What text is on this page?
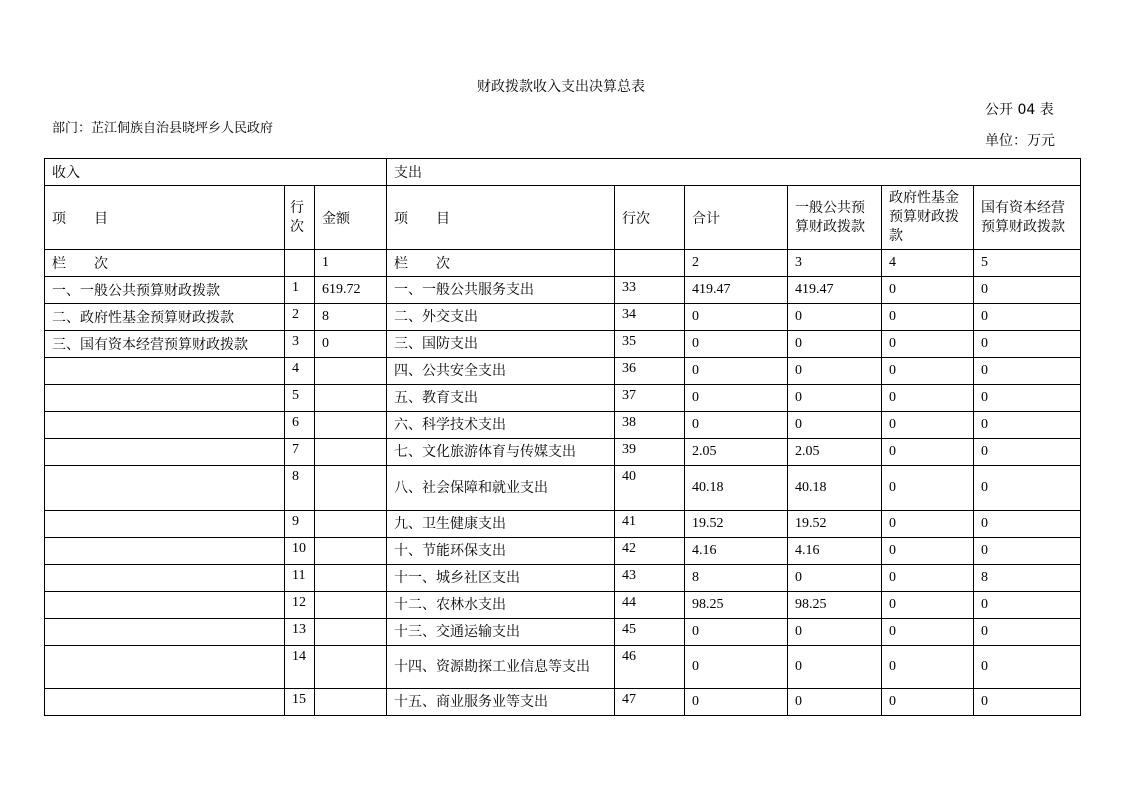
财政拨款收入支出决算总表
公开 04 表
部门：芷江侗族自治县晓坪乡人民政府
单位：万元
收入			支出					
项　　目	行次	金额	项　　目	行次	合计	一般公共预算财政拨款	政府性基金预算财政拨款	国有资本经营预算财政拨款
栏　　次		1	栏　　次		2	3	4	5
一、一般公共预算财政拨款	1	619.72	一、一般公共服务支出	33	419.47	419.47	0	0
二、政府性基金预算财政拨款	2	8	二、外交支出	34	0	0	0	0
三、国有资本经营预算财政拨款	3	0	三、国防支出	35	0	0	0	0
	4		四、公共安全支出	36	0	0	0	0
	5		五、教育支出	37	0	0	0	0
	6		六、科学技术支出	38	0	0	0	0
	7		七、文化旅游体育与传媒支出	39	2.05	2.05	0	0
	8		八、社会保障和就业支出	40	40.18	40.18	0	0
	9		九、卫生健康支出	41	19.52	19.52	0	0
	10		十、节能环保支出	42	4.16	4.16	0	0
	11		十一、城乡社区支出	43	8	0	0	8
	12		十二、农林水支出	44	98.25	98.25	0	0
	13		十三、交通运输支出	45	0	0	0	0
	14		十四、资源勘探工业信息等支出	46	0	0	0	0
	15		十五、商业服务业等支出	47	0	0	0	0
